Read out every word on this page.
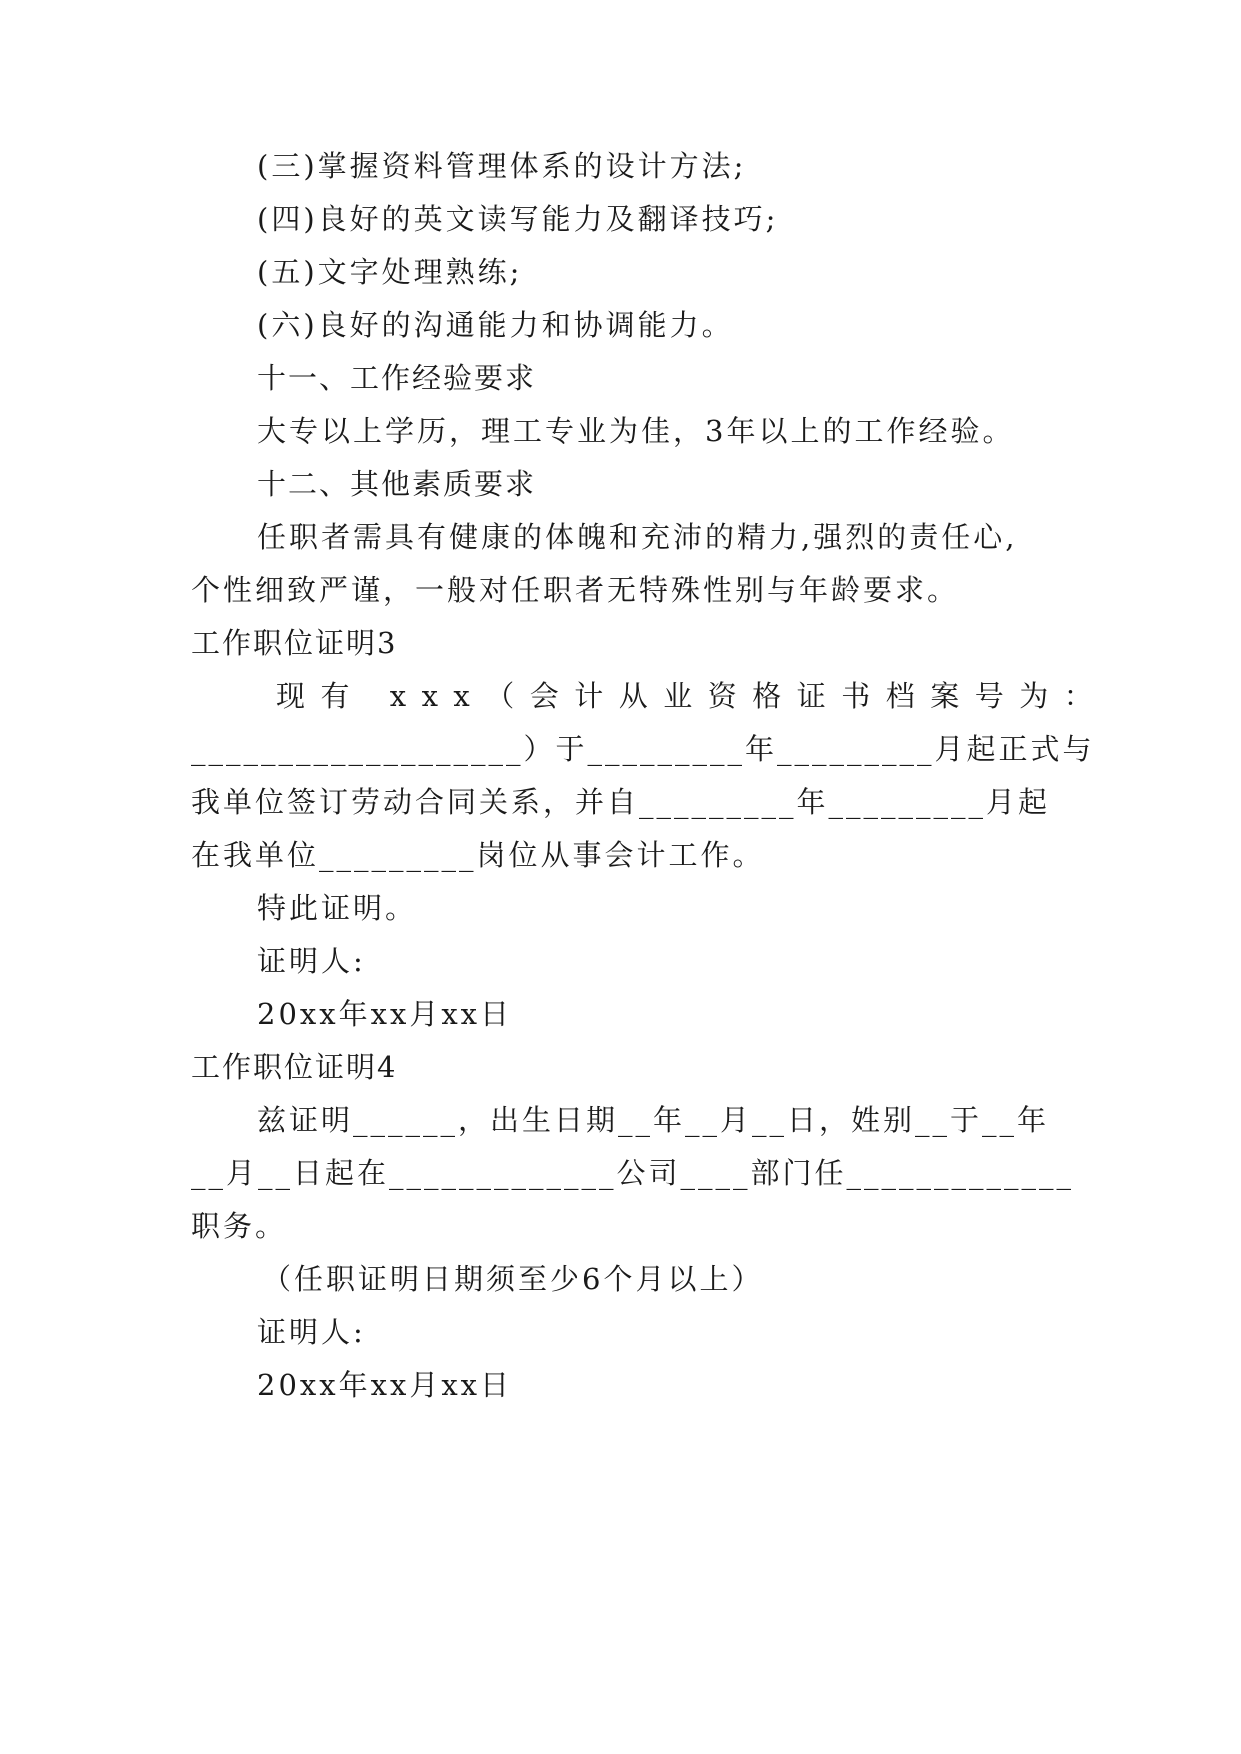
(三)掌握资料管理体系的设计方法;
(四)良好的英文读写能力及翻译技巧;
(五)文字处理熟练;
(六)良好的沟通能力和协调能力。
十一、工作经验要求
大专以上学历，理工专业为佳，3年以上的工作经验。
十二、其他素质要求
任职者需具有健康的体魄和充沛的精力,强烈的责任心,
个性细致严谨，一般对任职者无特殊性别与年龄要求。
工作职位证明3
现有 xxx（会计从业资格证书档案号为：
___________________）于_________年_________月起正式与
我单位签订劳动合同关系，并自_________年_________月起
在我单位_________岗位从事会计工作。
特此证明。
证明人:
20xx年xx月xx日
工作职位证明4
兹证明______，出生日期__年__月__日，姓别__于__年
__月__日起在_____________公司____部门任_____________
职务。
（任职证明日期须至少6个月以上）
证明人:
20xx年xx月xx日
